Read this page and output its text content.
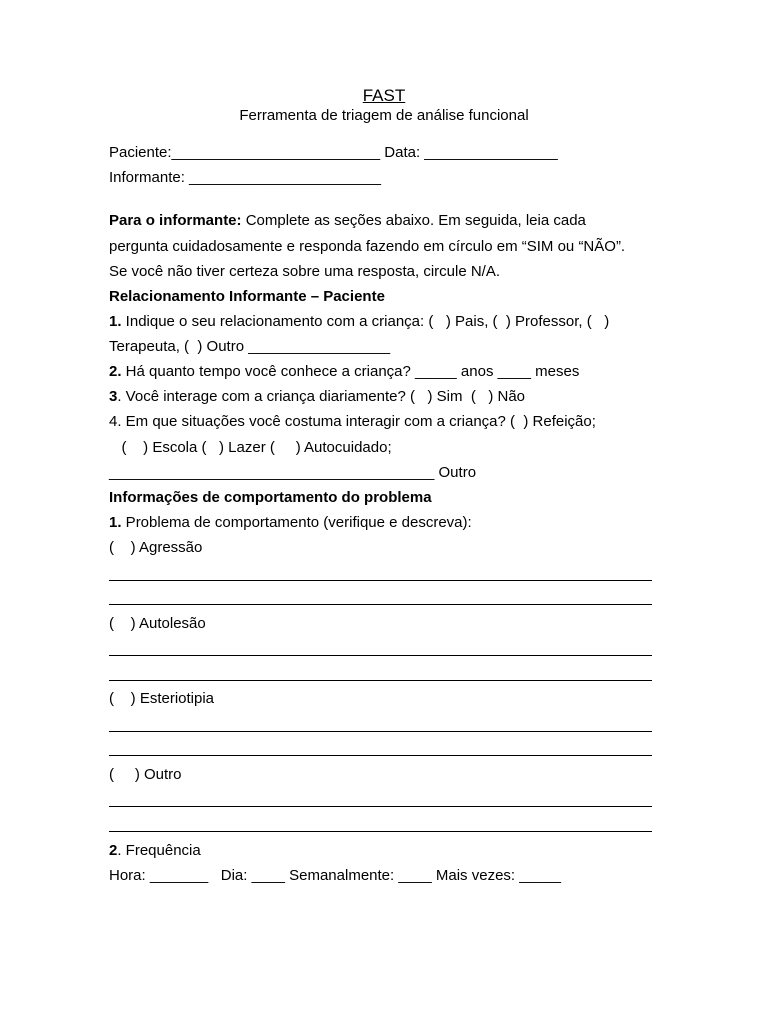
FAST
Ferramenta de triagem de análise funcional
Paciente:_________________________ Data: ________________
Informante: _______________________
Para o informante: Complete as seções abaixo. Em seguida, leia cada
pergunta cuidadosamente e responda fazendo em círculo em “SIM ou “NÃO”.
Se você não tiver certeza sobre uma resposta, circule N/A.
Relacionamento Informante – Paciente
1. Indique o seu relacionamento com a criança: (   ) Pais, (  ) Professor, (   )
Terapeuta, (  ) Outro _________________
2. Há quanto tempo você conhece a criança? _____ anos ____ meses
3. Você interage com a criança diariamente? (   ) Sim  (   ) Não
4. Em que situações você costuma interagir com a criança? (  ) Refeição;
(    ) Escola (   ) Lazer (     ) Autocuidado;
_______________________________________ Outro
Informações de comportamento do problema
1. Problema de comportamento (verifique e descreva):
(    ) Agressão
(    ) Autolesão
(    ) Esteriotipia
(     ) Outro
2. Frequência
Hora: _______   Dia: ____ Semanalmente: ____ Mais vezes: _____
